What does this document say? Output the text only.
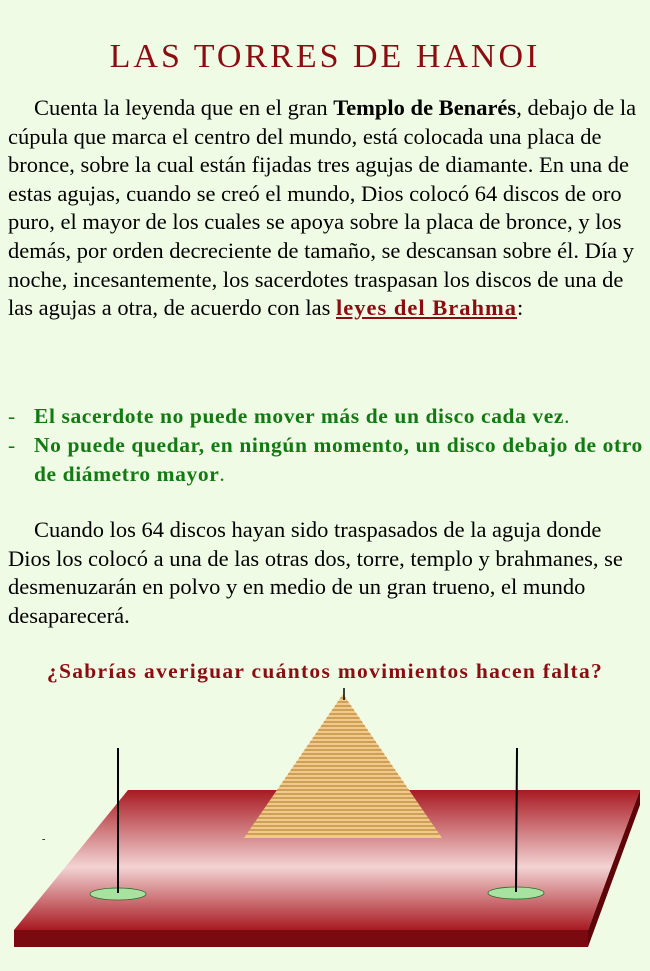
LAS TORRES DE HANOI

Cuenta la leyenda que en el gran Templo de Benarés, debajo de la cúpula que marca el centro del mundo, está colocada una placa de bronce, sobre la cual están fijadas tres agujas de diamante. En una de estas agujas, cuando se creó el mundo, Dios colocó 64 discos de oro puro, el mayor de los cuales se apoya sobre la placa de bronce, y los demás, por orden decreciente de tamaño, se descansan sobre él. Día y noche, incesantemente, los sacerdotes traspasan los discos de una de las agujas a otra, de acuerdo con las leyes del Brahma:

- El sacerdote no puede mover más de un disco cada vez.
- No puede quedar, en ningún momento, un disco debajo de otro de diámetro mayor.

Cuando los 64 discos hayan sido traspasados de la aguja donde Dios los colocó a una de las otras dos, torre, templo y brahmanes, se desmenuzarán en polvo y en medio de un gran trueno, el mundo desaparecerá.

¿Sabrías averiguar cuántos movimientos hacen falta?
-
